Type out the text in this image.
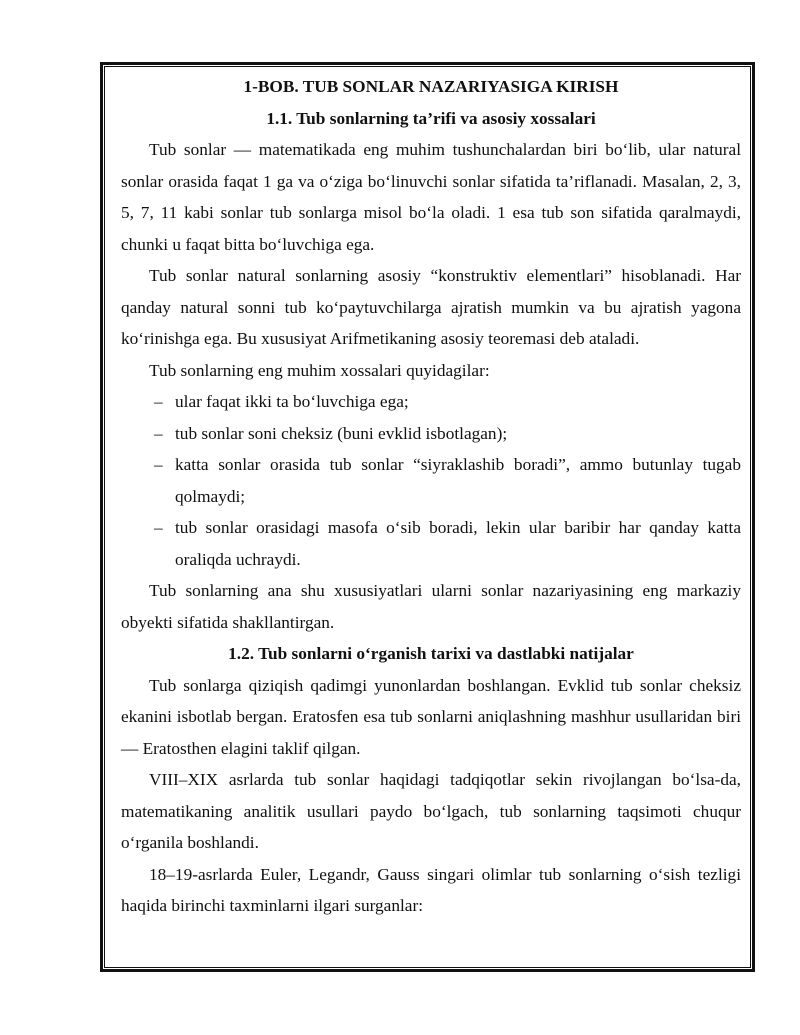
1-BOB. TUB SONLAR NAZARIYASIGA KIRISH

1.1. Tub sonlarning ta’rifi va asosiy xossalari

Tub sonlar — matematikada eng muhim tushunchalardan biri bo‘lib, ular natural sonlar orasida faqat 1 ga va o‘ziga bo‘linuvchi sonlar sifatida ta’riflanadi. Masalan, 2, 3, 5, 7, 11 kabi sonlar tub sonlarga misol bo‘la oladi. 1 esa tub son sifatida qaralmaydi, chunki u faqat bitta bo‘luvchiga ega.

Tub sonlar natural sonlarning asosiy “konstruktiv elementlari” hisoblanadi. Har qanday natural sonni tub ko‘paytuvchilarga ajratish mumkin va bu ajratish yagona ko‘rinishga ega. Bu xususiyat Arifmetikaning asosiy teoremasi deb ataladi.

Tub sonlarning eng muhim xossalari quyidagilar:

– ular faqat ikki ta bo‘luvchiga ega;
– tub sonlar soni cheksiz (buni evklid isbotlagan);
– katta sonlar orasida tub sonlar “siyraklashib boradi”, ammo butunlay tugab qolmaydi;
– tub sonlar orasidagi masofa o‘sib boradi, lekin ular baribir har qanday katta oraliqda uchraydi.

Tub sonlarning ana shu xususiyatlari ularni sonlar nazariyasining eng markaziy obyekti sifatida shakllantirgan.

1.2. Tub sonlarni o‘rganish tarixi va dastlabki natijalar

Tub sonlarga qiziqish qadimgi yunonlardan boshlangan. Evklid tub sonlar cheksiz ekanini isbotlab bergan. Eratosfen esa tub sonlarni aniqlashning mashhur usullaridan biri — Eratosthen elagini taklif qilgan.

VIII–XIX asrlarda tub sonlar haqidagi tadqiqotlar sekin rivojlangan bo‘lsa-da, matematikaning analitik usullari paydo bo‘lgach, tub sonlarning taqsimoti chuqur o‘rganila boshlandi.

18–19-asrlarda Euler, Legandr, Gauss singari olimlar tub sonlarning o‘sish tezligi haqida birinchi taxminlarni ilgari surganlar:
